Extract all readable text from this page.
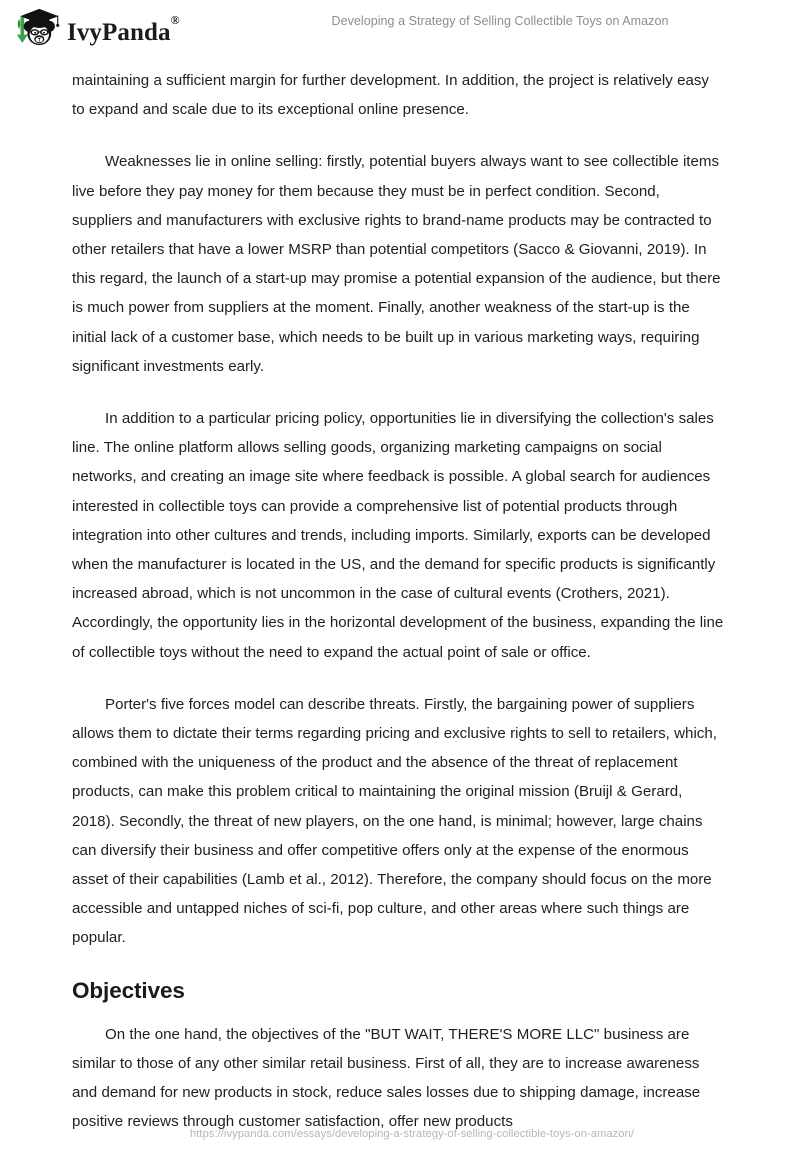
IvyPanda®	Developing a Strategy of Selling Collectible Toys on Amazon

maintaining a sufficient margin for further development. In addition, the project is relatively easy to expand and scale due to its exceptional online presence.

Weaknesses lie in online selling: firstly, potential buyers always want to see collectible items live before they pay money for them because they must be in perfect condition. Second, suppliers and manufacturers with exclusive rights to brand-name products may be contracted to other retailers that have a lower MSRP than potential competitors (Sacco & Giovanni, 2019). In this regard, the launch of a start-up may promise a potential expansion of the audience, but there is much power from suppliers at the moment. Finally, another weakness of the start-up is the initial lack of a customer base, which needs to be built up in various marketing ways, requiring significant investments early.

In addition to a particular pricing policy, opportunities lie in diversifying the collection's sales line. The online platform allows selling goods, organizing marketing campaigns on social networks, and creating an image site where feedback is possible. A global search for audiences interested in collectible toys can provide a comprehensive list of potential products through integration into other cultures and trends, including imports. Similarly, exports can be developed when the manufacturer is located in the US, and the demand for specific products is significantly increased abroad, which is not uncommon in the case of cultural events (Crothers, 2021). Accordingly, the opportunity lies in the horizontal development of the business, expanding the line of collectible toys without the need to expand the actual point of sale or office.

Porter's five forces model can describe threats. Firstly, the bargaining power of suppliers allows them to dictate their terms regarding pricing and exclusive rights to sell to retailers, which, combined with the uniqueness of the product and the absence of the threat of replacement products, can make this problem critical to maintaining the original mission (Bruijl & Gerard, 2018). Secondly, the threat of new players, on the one hand, is minimal; however, large chains can diversify their business and offer competitive offers only at the expense of the enormous asset of their capabilities (Lamb et al., 2012). Therefore, the company should focus on the more accessible and untapped niches of sci-fi, pop culture, and other areas where such things are popular.

Objectives

On the one hand, the objectives of the "BUT WAIT, THERE'S MORE LLC" business are similar to those of any other similar retail business. First of all, they are to increase awareness and demand for new products in stock, reduce sales losses due to shipping damage, increase positive reviews through customer satisfaction, offer new products

https://ivypanda.com/essays/developing-a-strategy-of-selling-collectible-toys-on-amazon/
